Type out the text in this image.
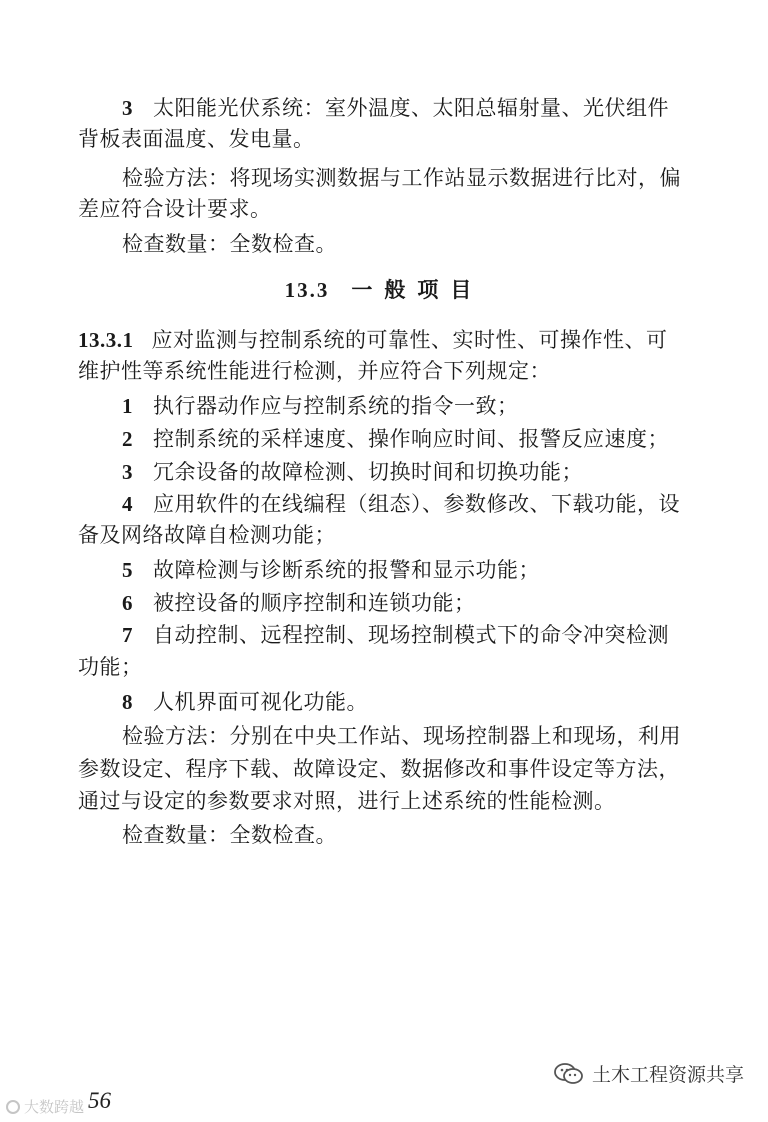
3 太阳能光伏系统：室外温度、太阳总辐射量、光伏组件
背板表面温度、发电量。
检验方法：将现场实测数据与工作站显示数据进行比对，偏
差应符合设计要求。
检查数量：全数检查。
13.3 一般项目
13.3.1 应对监测与控制系统的可靠性、实时性、可操作性、可
维护性等系统性能进行检测，并应符合下列规定：
1 执行器动作应与控制系统的指令一致；
2 控制系统的采样速度、操作响应时间、报警反应速度；
3 冗余设备的故障检测、切换时间和切换功能；
4 应用软件的在线编程（组态）、参数修改、下载功能，设
备及网络故障自检测功能；
5 故障检测与诊断系统的报警和显示功能；
6 被控设备的顺序控制和连锁功能；
7 自动控制、远程控制、现场控制模式下的命令冲突检测
功能；
8 人机界面可视化功能。
检验方法：分别在中央工作站、现场控制器上和现场，利用
参数设定、程序下载、故障设定、数据修改和事件设定等方法，
通过与设定的参数要求对照，进行上述系统的性能检测。
检查数量：全数检查。
56
大数跨越
土木工程资源共享
